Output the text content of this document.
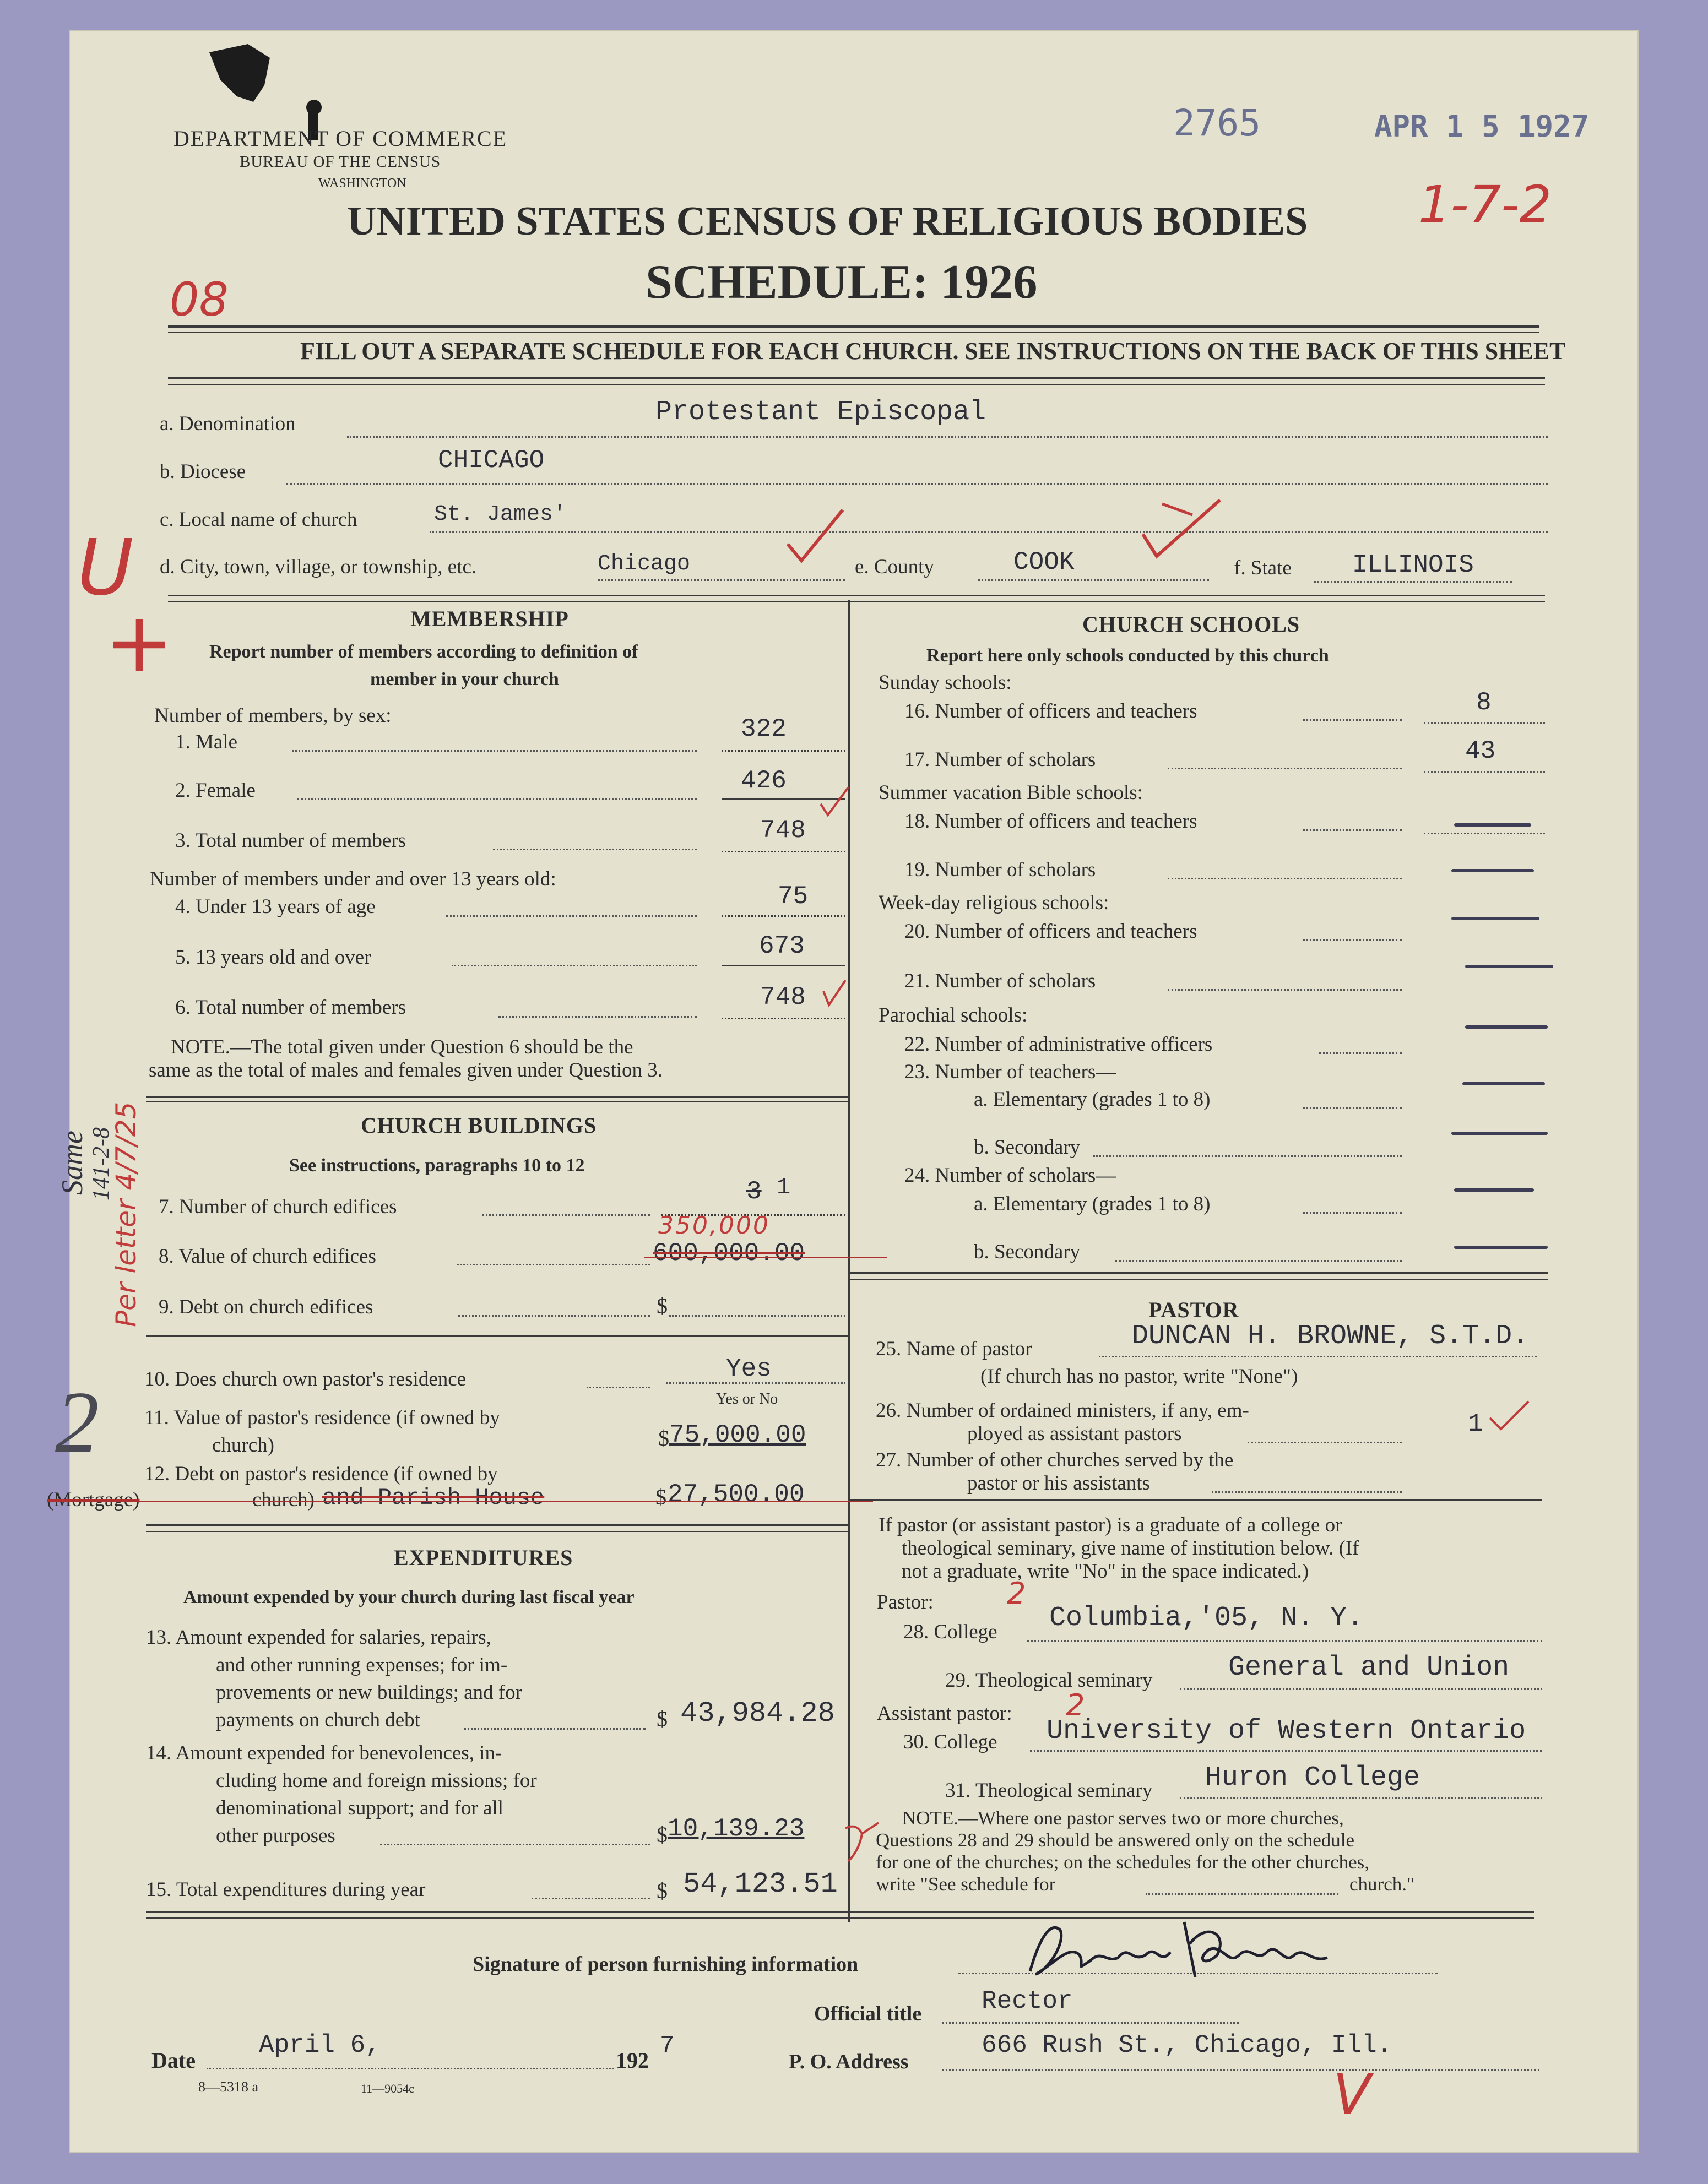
DEPARTMENT OF COMMERCE
BUREAU OF THE CENSUS
WASHINGTON
2765	APR 1 5 1927
1-7-2
UNITED STATES CENSUS OF RELIGIOUS BODIES
SCHEDULE: 1926
08
FILL OUT A SEPARATE SCHEDULE FOR EACH CHURCH. SEE INSTRUCTIONS ON THE BACK OF THIS SHEET
a. Denomination	Protestant Episcopal
b. Diocese	CHICAGO
c. Local name of church	St. James'
d. City, town, village, or township, etc.	Chicago	e. County	COOK	f. State ILLINOIS
U
+	MEMBERSHIP
Report number of members according to definition of
member in your church
Number of members, by sex:
1. Male	322
2. Female	426
3. Total number of members	748
Number of members under and over 13 years old:
4. Under 13 years of age	75
5. 13 years old and over	673
6. Total number of members	748
NOTE.—The total given under Question 6 should be the
same as the total of males and females given under Question 3.
CHURCH BUILDINGS
See instructions, paragraphs 10 to 12
7. Number of church edifices
3 1
8. Value of church edifices
350,000
600,000.00
9. Debt on church edifices	$
10. Does church own pastor's residence	Yes
Yes or No
11. Value of pastor's residence (if owned by
church)	$ 75,000.00
12. Debt on pastor's residence (if owned by
(Mortgage)	church) and Parish House	$ 27,500.00
EXPENDITURES
Amount expended by your church during last fiscal year
13. Amount expended for salaries, repairs,
and other running expenses; for im-
provements or new buildings; and for
payments on church debt	$ 43,984.28
14. Amount expended for benevolences, in-
cluding home and foreign missions; for
denominational support; and for all
other purposes	$ 10,139.23
15. Total expenditures during year	$ 54,123.51
CHURCH SCHOOLS
Report here only schools conducted by this church
Sunday schools:
16. Number of officers and teachers	8
17. Number of scholars	43
Summer vacation Bible schools:
18. Number of officers and teachers
19. Number of scholars
Week-day religious schools:
20. Number of officers and teachers
21. Number of scholars
Parochial schools:
22. Number of administrative officers
23. Number of teachers—
a. Elementary (grades 1 to 8)
b. Secondary
24. Number of scholars—
a. Elementary (grades 1 to 8)
b. Secondary
PASTOR
25. Name of pastor	DUNCAN H. BROWNE, S.T.D.
(If church has no pastor, write "None")
26. Number of ordained ministers, if any, em-
ployed as assistant pastors	1
27. Number of other churches served by the
pastor or his assistants
If pastor (or assistant pastor) is a graduate of a college or
theological seminary, give name of institution below. (If
not a graduate, write "No" in the space indicated.)
Pastor: 2
28. College Columbia,'05, N. Y.
29. Theological seminary	General and Union
Assistant pastor: 2
30. College University of Western Ontario
31. Theological seminary Huron College
NOTE.—Where one pastor serves two or more churches,
Questions 28 and 29 should be answered only on the schedule
for one of the churches; on the schedules for the other churches,
write "See schedule for	church."
Signature of person furnishing information
Official title Rector
P. O. Address
666 Rush St., Chicago, Ill.
Date
April 6,
192
7
8—5318 a	11—9054c	V
Same 141-2-8
Per letter 4/7/25
2
